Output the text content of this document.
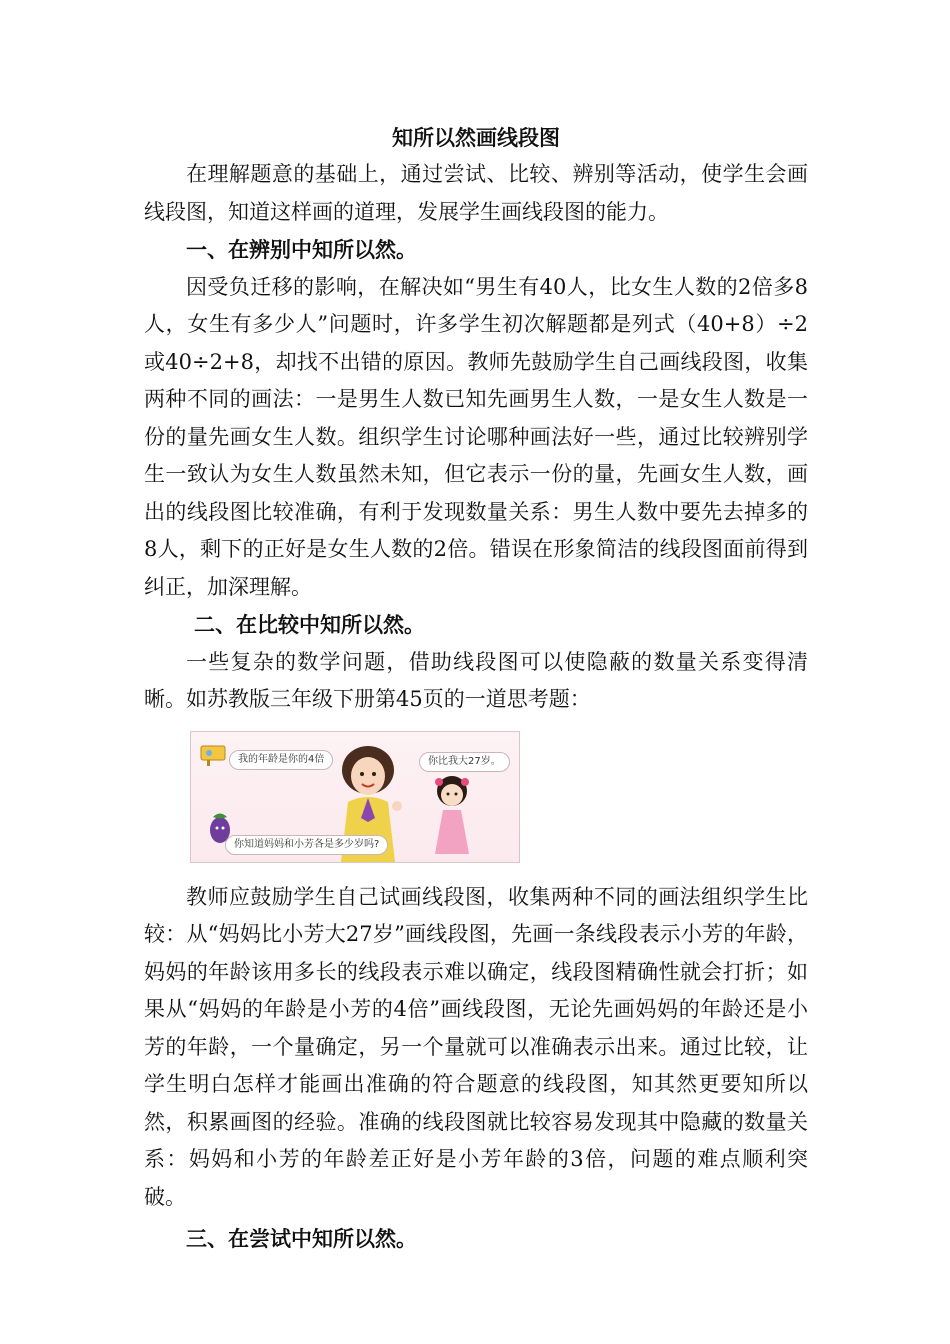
知所以然画线段图

在理解题意的基础上，通过尝试、比较、辨别等活动，使学生会画线段图，知道这样画的道理，发展学生画线段图的能力。

一、在辨别中知所以然。

因受负迁移的影响，在解决如“男生有40人，比女生人数的2倍多8人，女生有多少人”问题时，许多学生初次解题都是列式（40+8）÷2或40÷2+8，却找不出错的原因。教师先鼓励学生自己画线段图，收集两种不同的画法：一是男生人数已知先画男生人数，一是女生人数是一份的量先画女生人数。组织学生讨论哪种画法好一些，通过比较辨别学生一致认为女生人数虽然未知，但它表示一份的量，先画女生人数，画出的线段图比较准确，有利于发现数量关系：男生人数中要先去掉多的8人，剩下的正好是女生人数的2倍。错误在形象简洁的线段图面前得到纠正，加深理解。

二、在比较中知所以然。

一些复杂的数学问题，借助线段图可以使隐蔽的数量关系变得清晰。如苏教版三年级下册第45页的一道思考题：

我的年龄是你的4倍	你比我大27岁。
你知道妈妈和小芳各是多少岁吗?

教师应鼓励学生自己试画线段图，收集两种不同的画法组织学生比较：从“妈妈比小芳大27岁”画线段图，先画一条线段表示小芳的年龄，妈妈的年龄该用多长的线段表示难以确定，线段图精确性就会打折；如果从“妈妈的年龄是小芳的4倍”画线段图，无论先画妈妈的年龄还是小芳的年龄，一个量确定，另一个量就可以准确表示出来。通过比较，让学生明白怎样才能画出准确的符合题意的线段图，知其然更要知所以然，积累画图的经验。准确的线段图就比较容易发现其中隐藏的数量关系：妈妈和小芳的年龄差正好是小芳年龄的3倍，问题的难点顺利突破。

三、在尝试中知所以然。
